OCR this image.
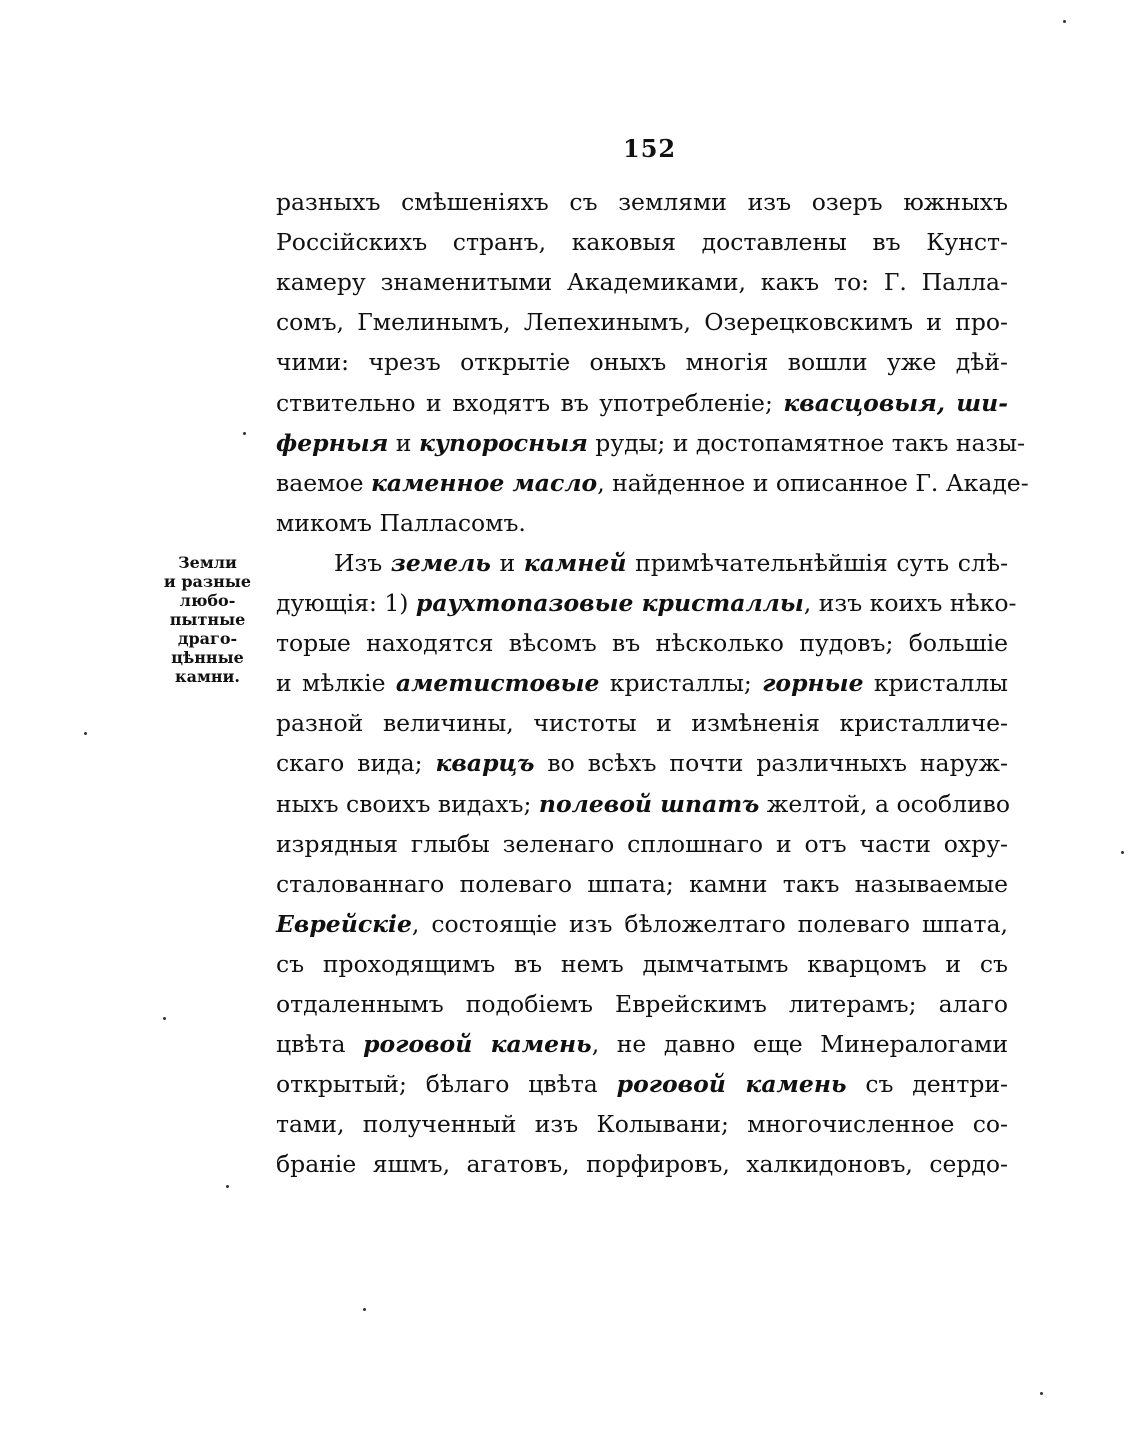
152
Земли
и разные
любо-
пытные
драго-
цѣнные
камни.
разныхъ смѣшеніяхъ съ землями изъ озеръ южныхъ
Россійскихъ странъ, каковыя доставлены въ Кунст-
камеру знаменитыми Академиками, какъ то: Г. Палла-
сомъ, Гмелинымъ, Лепехинымъ, Озерецковскимъ и про-
чими: чрезъ открытіе оныхъ многія вошли уже дѣй-
ствительно и входятъ въ употребленіе; квасцовыя, ши-
ферныя и купоросныя руды; и достопамятное такъ назы-
ваемое каменное масло, найденное и описанное Г. Акаде-
микомъ Палласомъ.
Изъ земель и камней примѣчательнѣйшія суть слѣ-
дующія: 1) раухтопазовые кристаллы, изъ коихъ нѣко-
торые находятся вѣсомъ въ нѣсколько пудовъ; большіе
и мѣлкіе аметистовые кристаллы; горные кристаллы
разной величины, чистоты и измѣненія кристалличе-
скаго вида; кварцъ во всѣхъ почти различныхъ наруж-
ныхъ своихъ видахъ; полевой шпатъ желтой, а особливо
изрядныя глыбы зеленаго сплошнаго и отъ части охру-
сталованнаго полеваго шпата; камни такъ называемые
Еврейскіе, состоящіе изъ бѣложелтаго полеваго шпата,
съ проходящимъ въ немъ дымчатымъ кварцомъ и съ
отдаленнымъ подобіемъ Еврейскимъ литерамъ; алаго
цвѣта роговой камень, не давно еще Минералогами
открытый; бѣлаго цвѣта роговой камень съ дентри-
тами, полученный изъ Колывани; многочисленное со-
браніе яшмъ, агатовъ, порфировъ, халкидоновъ, сердо-
